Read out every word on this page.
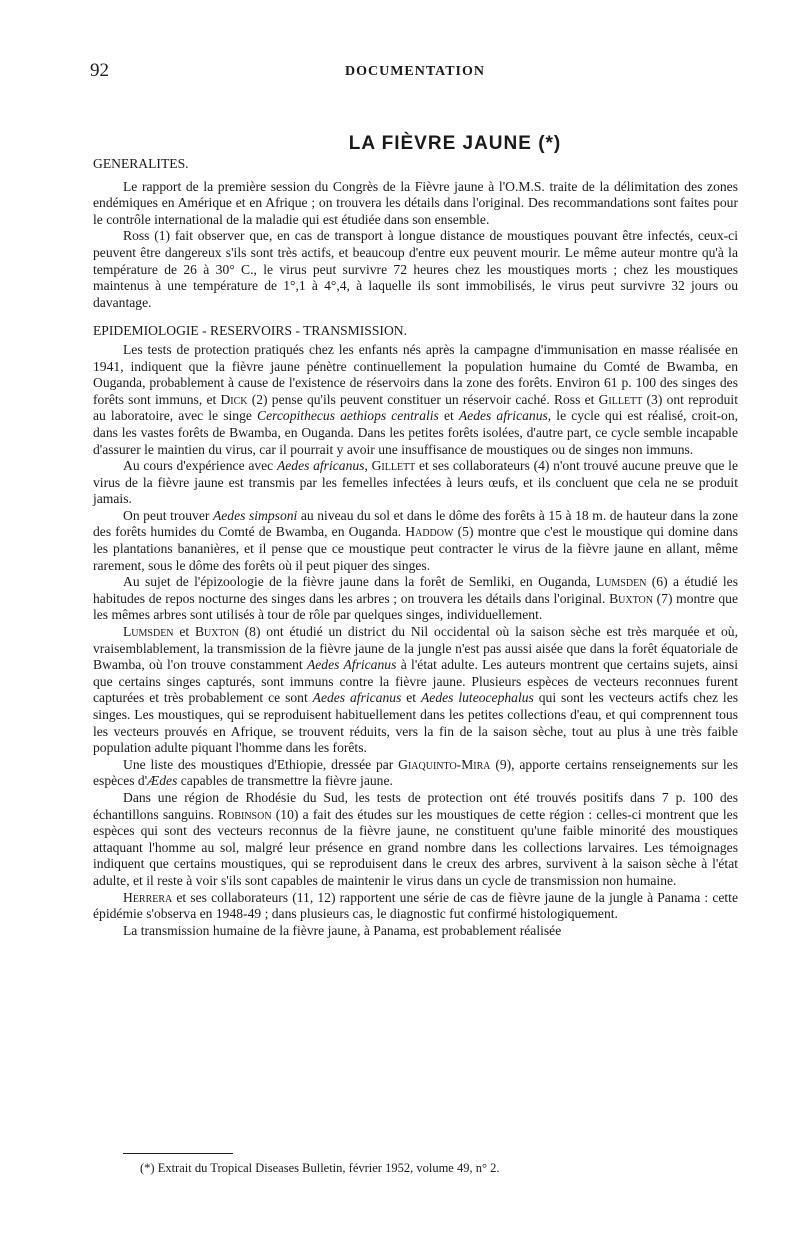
92	DOCUMENTATION
LA FIÈVRE JAUNE (*)
GENERALITES.

Le rapport de la première session du Congrès de la Fièvre jaune à l'O.M.S. traite de la délimitation des zones endémiques en Amérique et en Afrique ; on trouvera les détails dans l'original. Des recommandations sont faites pour le contrôle international de la maladie qui est étudiée dans son ensemble.

Ross (1) fait observer que, en cas de transport à longue distance de moustiques pouvant être infectés, ceux-ci peuvent être dangereux s'ils sont très actifs, et beaucoup d'entre eux peuvent mourir. Le même auteur montre qu'à la température de 26 à 30° C., le virus peut survivre 72 heures chez les moustiques morts ; chez les moustiques maintenus à une température de 1°,1 à 4°,4, à laquelle ils sont immobilisés, le virus peut survivre 32 jours ou davantage.

EPIDEMIOLOGIE - RESERVOIRS - TRANSMISSION.

Les tests de protection pratiqués chez les enfants nés après la campagne d'immunisation en masse réalisée en 1941, indiquent que la fièvre jaune pénètre continuellement la population humaine du Comté de Bwamba, en Ouganda, probablement à cause de l'existence de réservoirs dans la zone des forêts. Environ 61 p. 100 des singes des forêts sont immuns, et Dick (2) pense qu'ils peuvent constituer un réservoir caché. Ross et Gillett (3) ont reproduit au laboratoire, avec le singe Cercopithecus aethiops centralis et Aedes africanus, le cycle qui est réalisé, croit-on, dans les vastes forêts de Bwamba, en Ouganda. Dans les petites forêts isolées, d'autre part, ce cycle semble incapable d'assurer le maintien du virus, car il pourrait y avoir une insuffisance de moustiques ou de singes non immuns.

Au cours d'expérience avec Aedes africanus, Gillett et ses collaborateurs (4) n'ont trouvé aucune preuve que le virus de la fièvre jaune est transmis par les femelles infectées à leurs œufs, et ils concluent que cela ne se produit jamais.

On peut trouver Aedes simpsoni au niveau du sol et dans le dôme des forêts à 15 à 18 m. de hauteur dans la zone des forêts humides du Comté de Bwamba, en Ouganda. Haddow (5) montre que c'est le moustique qui domine dans les plantations bananières, et il pense que ce moustique peut contracter le virus de la fièvre jaune en allant, même rarement, sous le dôme des forêts où il peut piquer des singes.

Au sujet de l'épizoologie de la fièvre jaune dans la forêt de Semliki, en Ouganda, Lumsden (6) a étudié les habitudes de repos nocturne des singes dans les arbres ; on trouvera les détails dans l'original. Buxton (7) montre que les mêmes arbres sont utilisés à tour de rôle par quelques singes, individuellement.

Lumsden et Buxton (8) ont étudié un district du Nil occidental où la saison sèche est très marquée et où, vraisemblablement, la transmission de la fièvre jaune de la jungle n'est pas aussi aisée que dans la forêt équatoriale de Bwamba, où l'on trouve constamment Aedes Africanus à l'état adulte. Les auteurs montrent que certains sujets, ainsi que certains singes capturés, sont immuns contre la fièvre jaune. Plusieurs espèces de vecteurs reconnues furent capturées et très probablement ce sont Aedes africanus et Aedes luteocephalus qui sont les vecteurs actifs chez les singes. Les moustiques, qui se reproduisent habituellement dans les petites collections d'eau, et qui comprennent tous les vecteurs prouvés en Afrique, se trouvent réduits, vers la fin de la saison sèche, tout au plus à une très faible population adulte piquant l'homme dans les forêts.

Une liste des moustiques d'Ethiopie, dressée par Giaquinto-Mira (9), apporte certains renseignements sur les espèces d'Ædes capables de transmettre la fièvre jaune.

Dans une région de Rhodésie du Sud, les tests de protection ont été trouvés positifs dans 7 p. 100 des échantillons sanguins. Robinson (10) a fait des études sur les moustiques de cette région : celles-ci montrent que les espèces qui sont des vecteurs reconnus de la fièvre jaune, ne constituent qu'une faible minorité des moustiques attaquant l'homme au sol, malgré leur présence en grand nombre dans les collections larvaires. Les témoignages indiquent que certains moustiques, qui se reproduisent dans le creux des arbres, survivent à la saison sèche à l'état adulte, et il reste à voir s'ils sont capables de maintenir le virus dans un cycle de transmission non humaine.

Herrera et ses collaborateurs (11, 12) rapportent une série de cas de fièvre jaune de la jungle à Panama : cette épidémie s'observa en 1948-49 ; dans plusieurs cas, le diagnostic fut confirmé histologiquement.

La transmission humaine de la fièvre jaune, à Panama, est probablement réalisée

(*) Extrait du Tropical Diseases Bulletin, février 1952, volume 49, n° 2.
